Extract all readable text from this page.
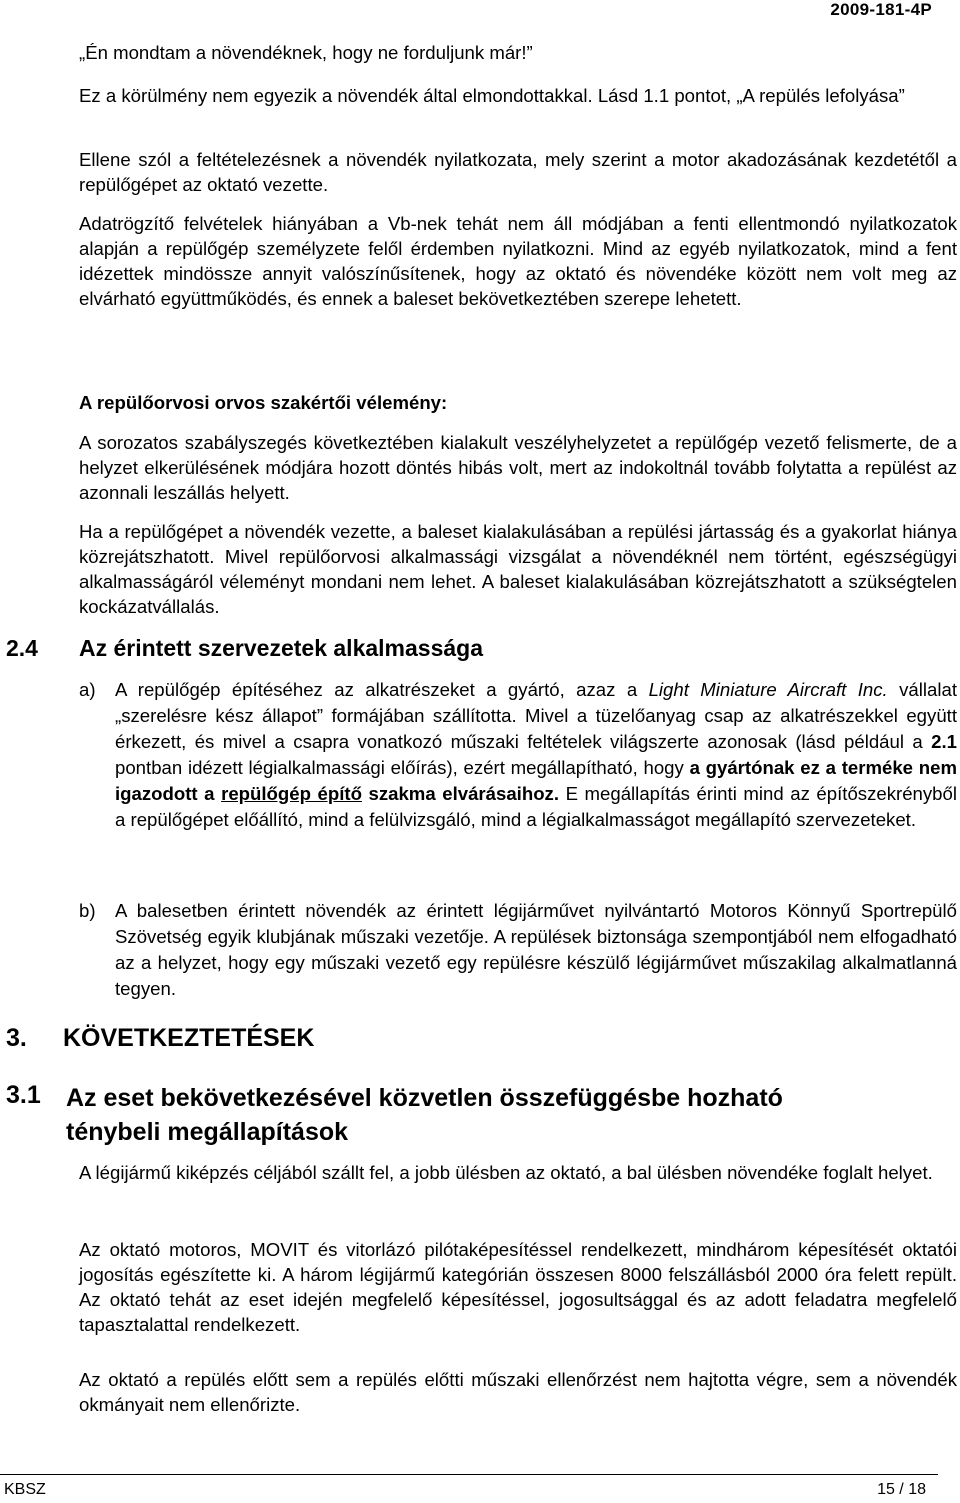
2009-181-4P
„Én mondtam a növendéknek, hogy ne forduljunk már!”
Ez a körülmény nem egyezik a növendék által elmondottakkal. Lásd 1.1 pontot, „A repülés lefolyása”
Ellene szól a feltételezésnek a növendék nyilatkozata, mely szerint a motor akadozásának kezdetétől a repülőgépet az oktató vezette.
Adatrögzítő felvételek hiányában a Vb-nek tehát nem áll módjában a fenti ellentmondó nyilatkozatok alapján a repülőgép személyzete felől érdemben nyilatkozni. Mind az egyéb nyilatkozatok, mind a fent idézettek mindössze annyit valószínűsítenek, hogy az oktató és növendéke között nem volt meg az elvárható együttműködés, és ennek a baleset bekövetkeztében szerepe lehetett.
A repülőorvosi orvos szakértői vélemény:
A sorozatos szabályszegés következtében kialakult veszélyhelyzetet a repülőgép vezető felismerte, de a helyzet elkerülésének módjára hozott döntés hibás volt, mert az indokoltnál tovább folytatta a repülést az azonnali leszállás helyett.
Ha a repülőgépet a növendék vezette, a baleset kialakulásában a repülési jártasság és a gyakorlat hiánya közrejátszhatott. Mivel repülőorvosi alkalmassági vizsgálat a növendéknél nem történt, egészségügyi alkalmasságáról véleményt mondani nem lehet. A baleset kialakulásában közrejátszhatott a szükségtelen kockázatvállalás.
2.4 Az érintett szervezetek alkalmassága
a) A repülőgép építéséhez az alkatrészeket a gyártó, azaz a Light Miniature Aircraft Inc. vállalat „szerelésre kész állapot” formájában szállította. Mivel a tüzelőanyag csap az alkatrészekkel együtt érkezett, és mivel a csapra vonatkozó műszaki feltételek világszerte azonosak (lásd például a 2.1 pontban idézett légialkalmassági előírás), ezért megállapítható, hogy a gyártónak ez a terméke nem igazodott a repülőgép építő szakma elvárásaihoz. E megállapítás érinti mind az építőszekrényből a repülőgépet előállító, mind a felülvizsgáló, mind a légialkalmasságot megállapító szervezeteket.
b) A balesetben érintett növendék az érintett légijárművet nyilvántartó Motoros Könnyű Sportrepülő Szövetség egyik klubjának műszaki vezetője. A repülések biztonsága szempontjából nem elfogadható az a helyzet, hogy egy műszaki vezető egy repülésre készülő légijárművet műszakilag alkalmatlanná tegyen.
3. KÖVETKEZTETÉSEK
3.1 Az eset bekövetkezésével közvetlen összefüggésbe hozható
ténybeli megállapítások
A légijármű kiképzés céljából szállt fel, a jobb ülésben az oktató, a bal ülésben növendéke foglalt helyet.
Az oktató motoros, MOVIT és vitorlázó pilótaképesítéssel rendelkezett, mindhárom képesítését oktatói jogosítás egészítette ki. A három légijármű kategórián összesen 8000 felszállásból 2000 óra felett repült. Az oktató tehát az eset idején megfelelő képesítéssel, jogosultsággal és az adott feladatra megfelelő tapasztalattal rendelkezett.
Az oktató a repülés előtt sem a repülés előtti műszaki ellenőrzést nem hajtotta végre, sem a növendék okmányait nem ellenőrizte.
KBSZ	15 / 18
